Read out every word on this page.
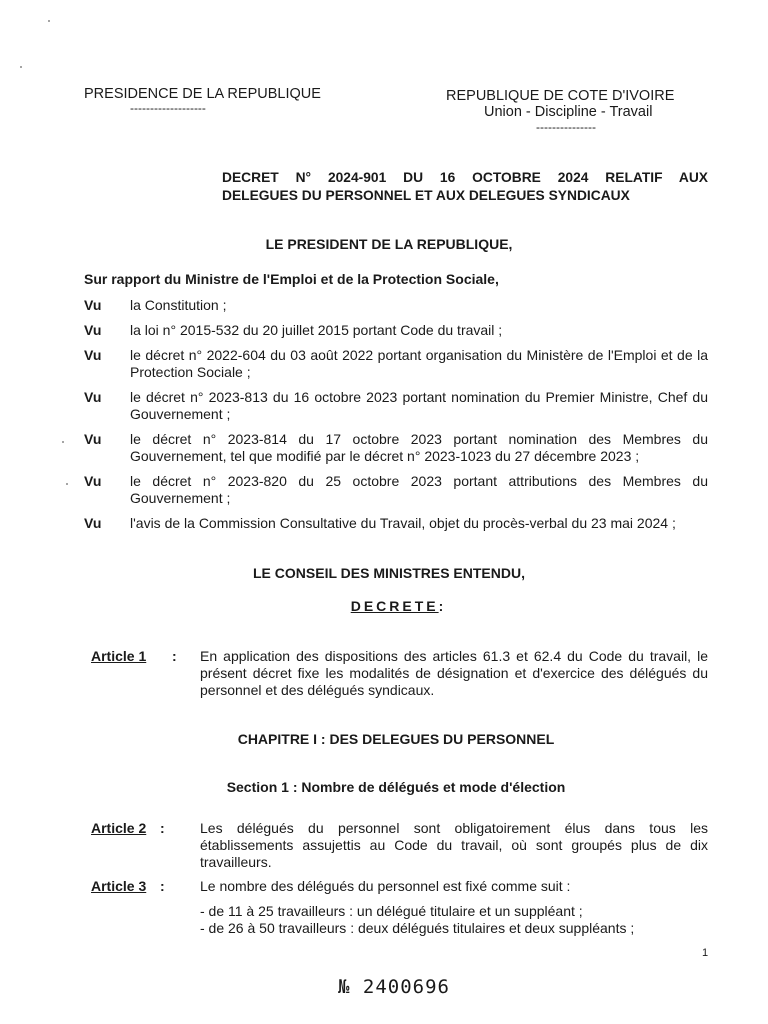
PRESIDENCE DE LA REPUBLIQUE
-------------------
REPUBLIQUE DE COTE D'IVOIRE
Union - Discipline - Travail
---------------
DECRET N° 2024-901 DU 16 OCTOBRE 2024 RELATIF AUX
DELEGUES DU PERSONNEL ET AUX DELEGUES SYNDICAUX
LE PRESIDENT DE LA REPUBLIQUE,
Sur rapport du Ministre de l'Emploi et de la Protection Sociale,
Vu la Constitution ;
Vu la loi n° 2015-532 du 20 juillet 2015 portant Code du travail ;
Vu le décret n° 2022-604 du 03 août 2022 portant organisation du Ministère de l'Emploi et de la Protection Sociale ;
Vu le décret n° 2023-813 du 16 octobre 2023 portant nomination du Premier Ministre, Chef du Gouvernement ;
Vu le décret n° 2023-814 du 17 octobre 2023 portant nomination des Membres du Gouvernement, tel que modifié par le décret n° 2023-1023 du 27 décembre 2023 ;
Vu le décret n° 2023-820 du 25 octobre 2023 portant attributions des Membres du Gouvernement ;
Vu l'avis de la Commission Consultative du Travail, objet du procès-verbal du 23 mai 2024 ;
LE CONSEIL DES MINISTRES ENTENDU,
DECRETE:
Article 1 : En application des dispositions des articles 61.3 et 62.4 du Code du travail, le présent décret fixe les modalités de désignation et d'exercice des délégués du personnel et des délégués syndicaux.
CHAPITRE I : DES DELEGUES DU PERSONNEL
Section 1 : Nombre de délégués et mode d'élection
Article 2 :	Les délégués du personnel sont obligatoirement élus dans tous les établissements assujettis au Code du travail, où sont groupés plus de dix travailleurs.
Article 3 :	Le nombre des délégués du personnel est fixé comme suit :
- de 11 à 25 travailleurs : un délégué titulaire et un suppléant ;
- de 26 à 50 travailleurs : deux délégués titulaires et deux suppléants ;
1
№ 2400696
